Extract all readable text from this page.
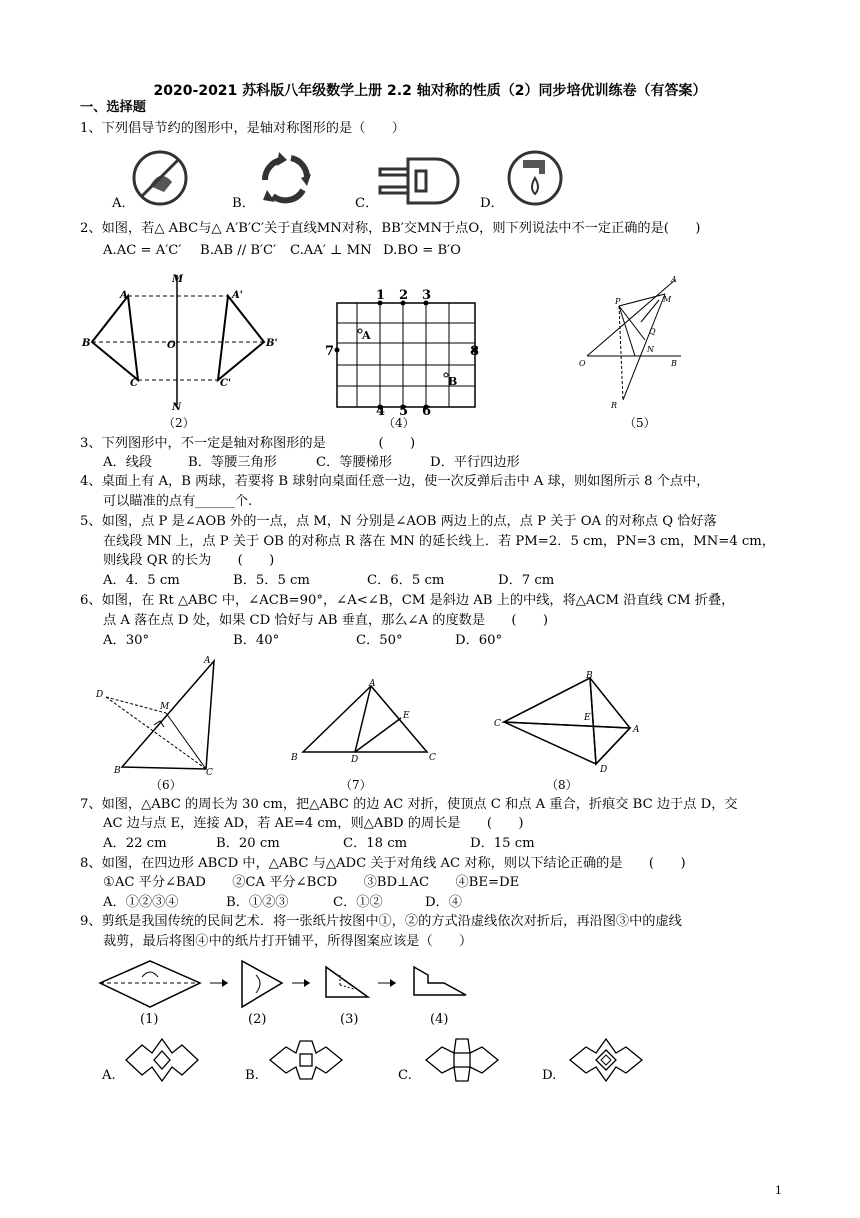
2020-2021 苏科版八年级数学上册 2.2 轴对称的性质（2）同步培优训练卷（有答案）
一、选择题
1、下列倡导节约的图形中，是轴对称图形的是（　　）
A．	B．	C．	D．
2、如图，若△ ABC与△ A′B′C′关于直线MN对称，BB′交MN于点O，则下列说法中不一定正确的是(　　)
A.AC = A′C′ B.AB // B′C′ C.AA′ ⊥ MN D.BO = B′O
A	A'
B	B'
C	C'
M
N
O
（2）
1 2 3
4 5 6
7	8
A
B
（4）
A
P	M
Q
N
O	B
R
（5）
3、下列图形中，不一定是轴对称图形的是　　　　(　　)
A．线段	B．等腰三角形	C．等腰梯形	D．平行四边形
4、桌面上有 A，B 两球，若要将 B 球射向桌面任意一边，使一次反弹后击中 A 球，则如图所示 8 个点中，
可以瞄准的点有______个.
5、如图，点 P 是∠AOB 外的一点，点 M，N 分别是∠AOB 两边上的点，点 P 关于 OA 的对称点 Q 恰好落
在线段 MN 上，点 P 关于 OB 的对称点 R 落在 MN 的延长线上．若 PM=2．5 cm，PN=3 cm，MN=4 cm，
则线段 QR 的长为　　(　　)
A．4．5 cm	B．5．5 cm	C．6．5 cm	D．7 cm
6、如图，在 Rt △ABC 中，∠ACB=90°，∠A<∠B，CM 是斜边 AB 上的中线，将△ACM 沿直线 CM 折叠，
点 A 落在点 D 处，如果 CD 恰好与 AB 垂直，那么∠A 的度数是　　(　　)
A．30°	B．40°	C．50°	D．60°
A
D
M
B	C
（6）
A
E
B	D	C
（7）
B
C
E
A
D
（8）
7、如图，△ABC 的周长为 30 cm，把△ABC 的边 AC 对折，使顶点 C 和点 A 重合，折痕交 BC 边于点 D，交
AC 边与点 E，连接 AD，若 AE=4 cm，则△ABD 的周长是　　(　　)
A．22 cm	B．20 cm	C．18 cm	D．15 cm
8、如图，在四边形 ABCD 中，△ABC 与△ADC 关于对角线 AC 对称，则以下结论正确的是　　(　　)
①AC 平分∠BAD　　②CA 平分∠BCD　　③BD⊥AC　　④BE=DE
A．①②③④	B．①②③	C．①②	D．④
9、剪纸是我国传统的民间艺术．将一张纸片按图中①，②的方式沿虚线依次对折后，再沿图③中的虚线
裁剪，最后将图④中的纸片打开铺平，所得图案应该是（　　）
(1)	(2)	(3)	(4)
A.	B.	C.	D.
1
